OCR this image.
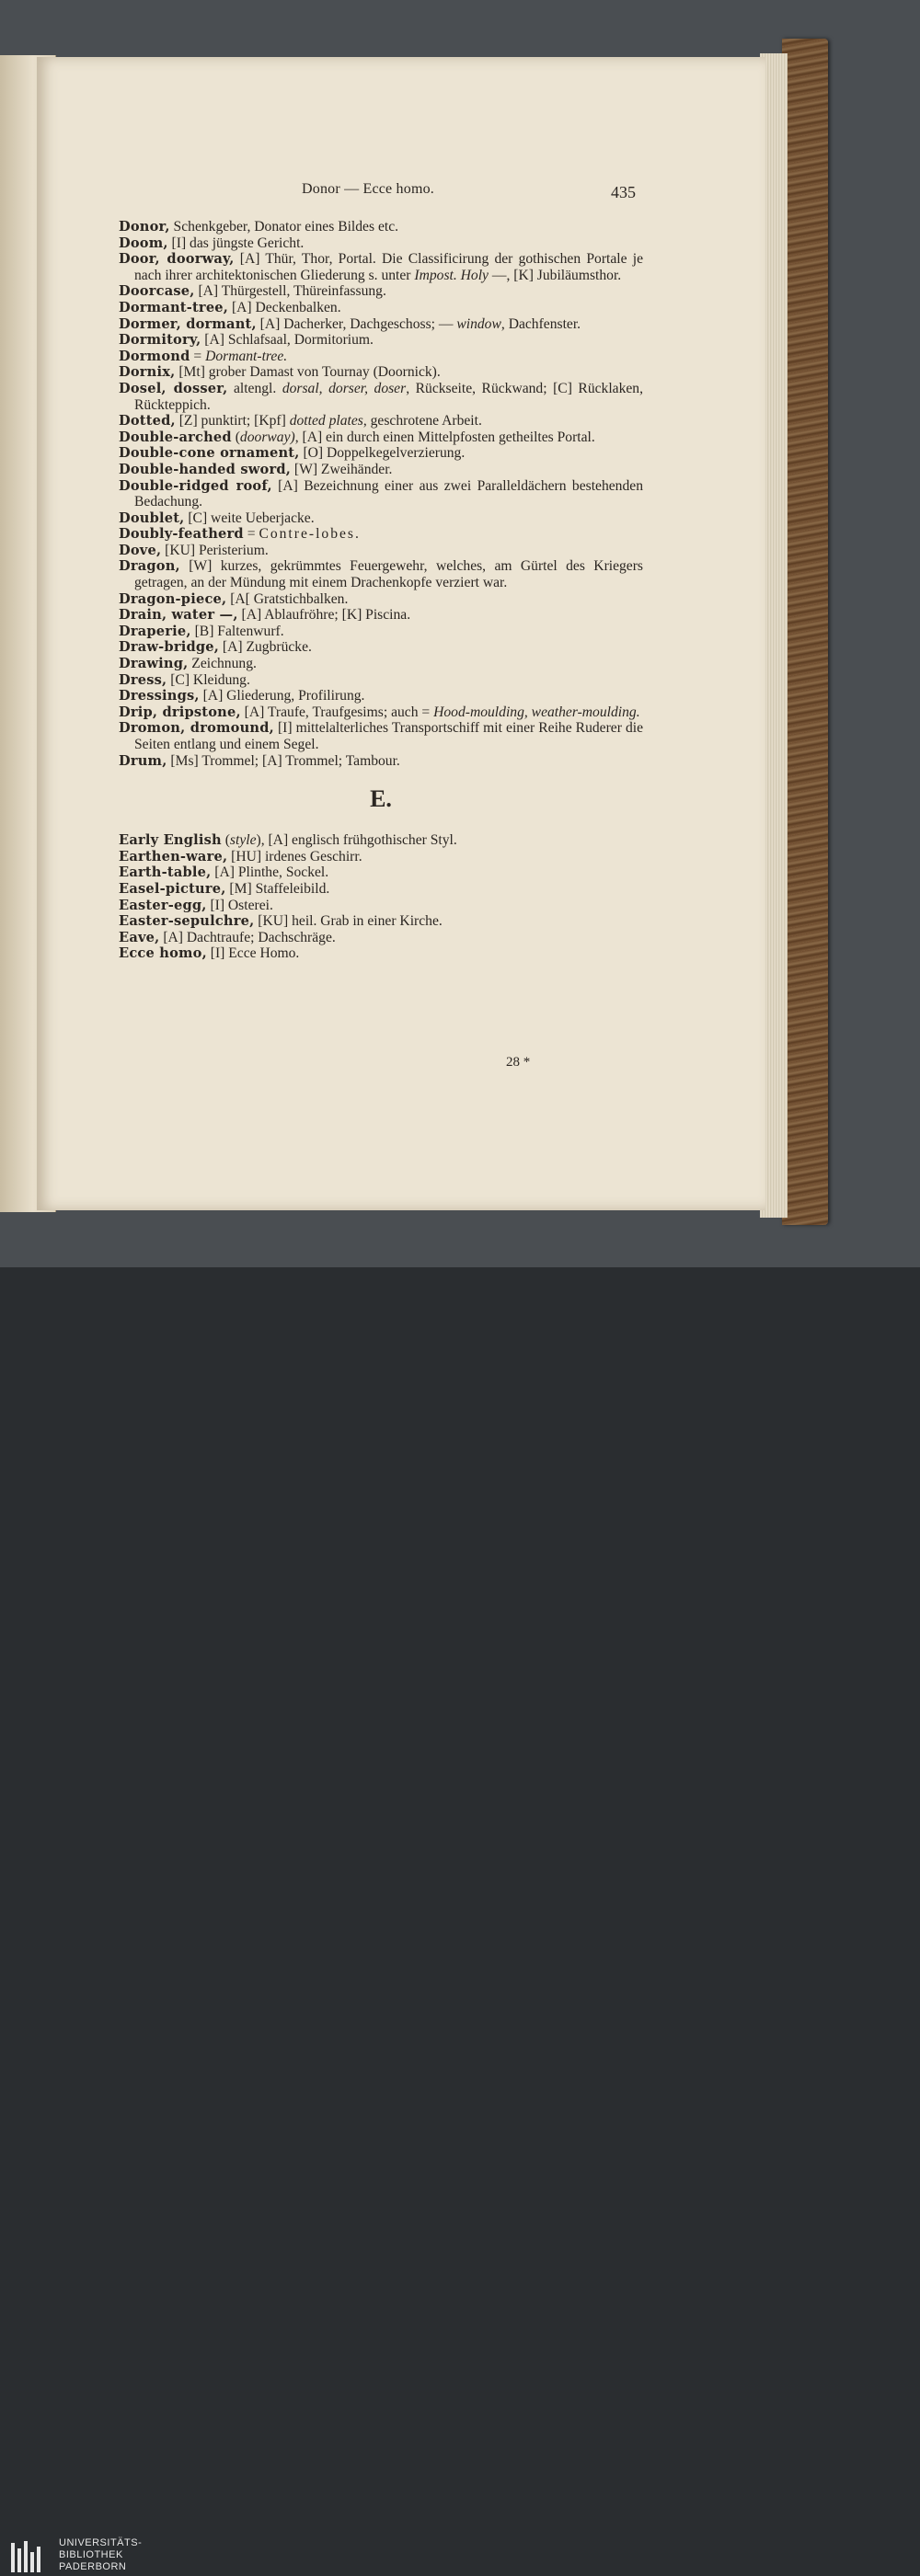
Donor — Ecce homo.	435

Donor, Schenkgeber, Donator eines Bildes etc.

Doom, [I] das jüngste Gericht.

Door, doorway, [A] Thür, Thor, Portal. Die Classificirung der gothischen Portale je nach ihrer architektonischen Gliederung s. unter Impost. Holy —, [K] Jubiläumsthor.

Doorcase, [A] Thürgestell, Thüreinfassung.

Dormant-tree, [A] Deckenbalken.

Dormer, dormant, [A] Dacherker, Dachgeschoss; — window, Dachfenster.

Dormitory, [A] Schlafsaal, Dormitorium.

Dormond = Dormant-tree.

Dornix, [Mt] grober Damast von Tournay (Doornick).

Dosel, dosser, altengl. dorsal, dorser, doser, Rückseite, Rückwand; [C] Rücklaken, Rückteppich.

Dotted, [Z] punktirt; [Kpf] dotted plates, geschrotene Arbeit.

Double-arched (doorway), [A] ein durch einen Mittelpfosten getheiltes Portal.

Double-cone ornament, [O] Doppelkegelverzierung.

Double-handed sword, [W] Zweihänder.

Double-ridged roof, [A] Bezeichnung einer aus zwei Paralleldächern bestehenden Bedachung.

Doublet, [C] weite Ueberjacke.

Doubly-featherd = Contre-lobes.

Dove, [KU] Peristerium.

Dragon, [W] kurzes, gekrümmtes Feuergewehr, welches, am Gürtel des Kriegers getragen, an der Mündung mit einem Drachenkopfe verziert war.

Dragon-piece, [A[ Gratstichbalken.

Drain, water —, [A] Ablaufröhre; [K] Piscina.

Draperie, [B] Faltenwurf.

Draw-bridge, [A] Zugbrücke.

Drawing, Zeichnung.

Dress, [C] Kleidung.

Dressings, [A] Gliederung, Profilirung.

Drip, dripstone, [A] Traufe, Traufgesims; auch = Hood-moulding, weather-moulding.

Dromon, dromound, [I] mittelalterliches Transportschiff mit einer Reihe Ruderer die Seiten entlang und einem Segel.

Drum, [Ms] Trommel; [A] Trommel; Tambour.

E.

Early English (style), [A] englisch frühgothischer Styl.

Earthen-ware, [HU] irdenes Geschirr.

Earth-table, [A] Plinthe, Sockel.

Easel-picture, [M] Staffeleibild.

Easter-egg, [I] Osterei.

Easter-sepulchre, [KU] heil. Grab in einer Kirche.

Eave, [A] Dachtraufe; Dachschräge.

Ecce homo, [I] Ecce Homo.

28 *
UNIVERSITÄTS-
BIBLIOTHEK
PADERBORN
